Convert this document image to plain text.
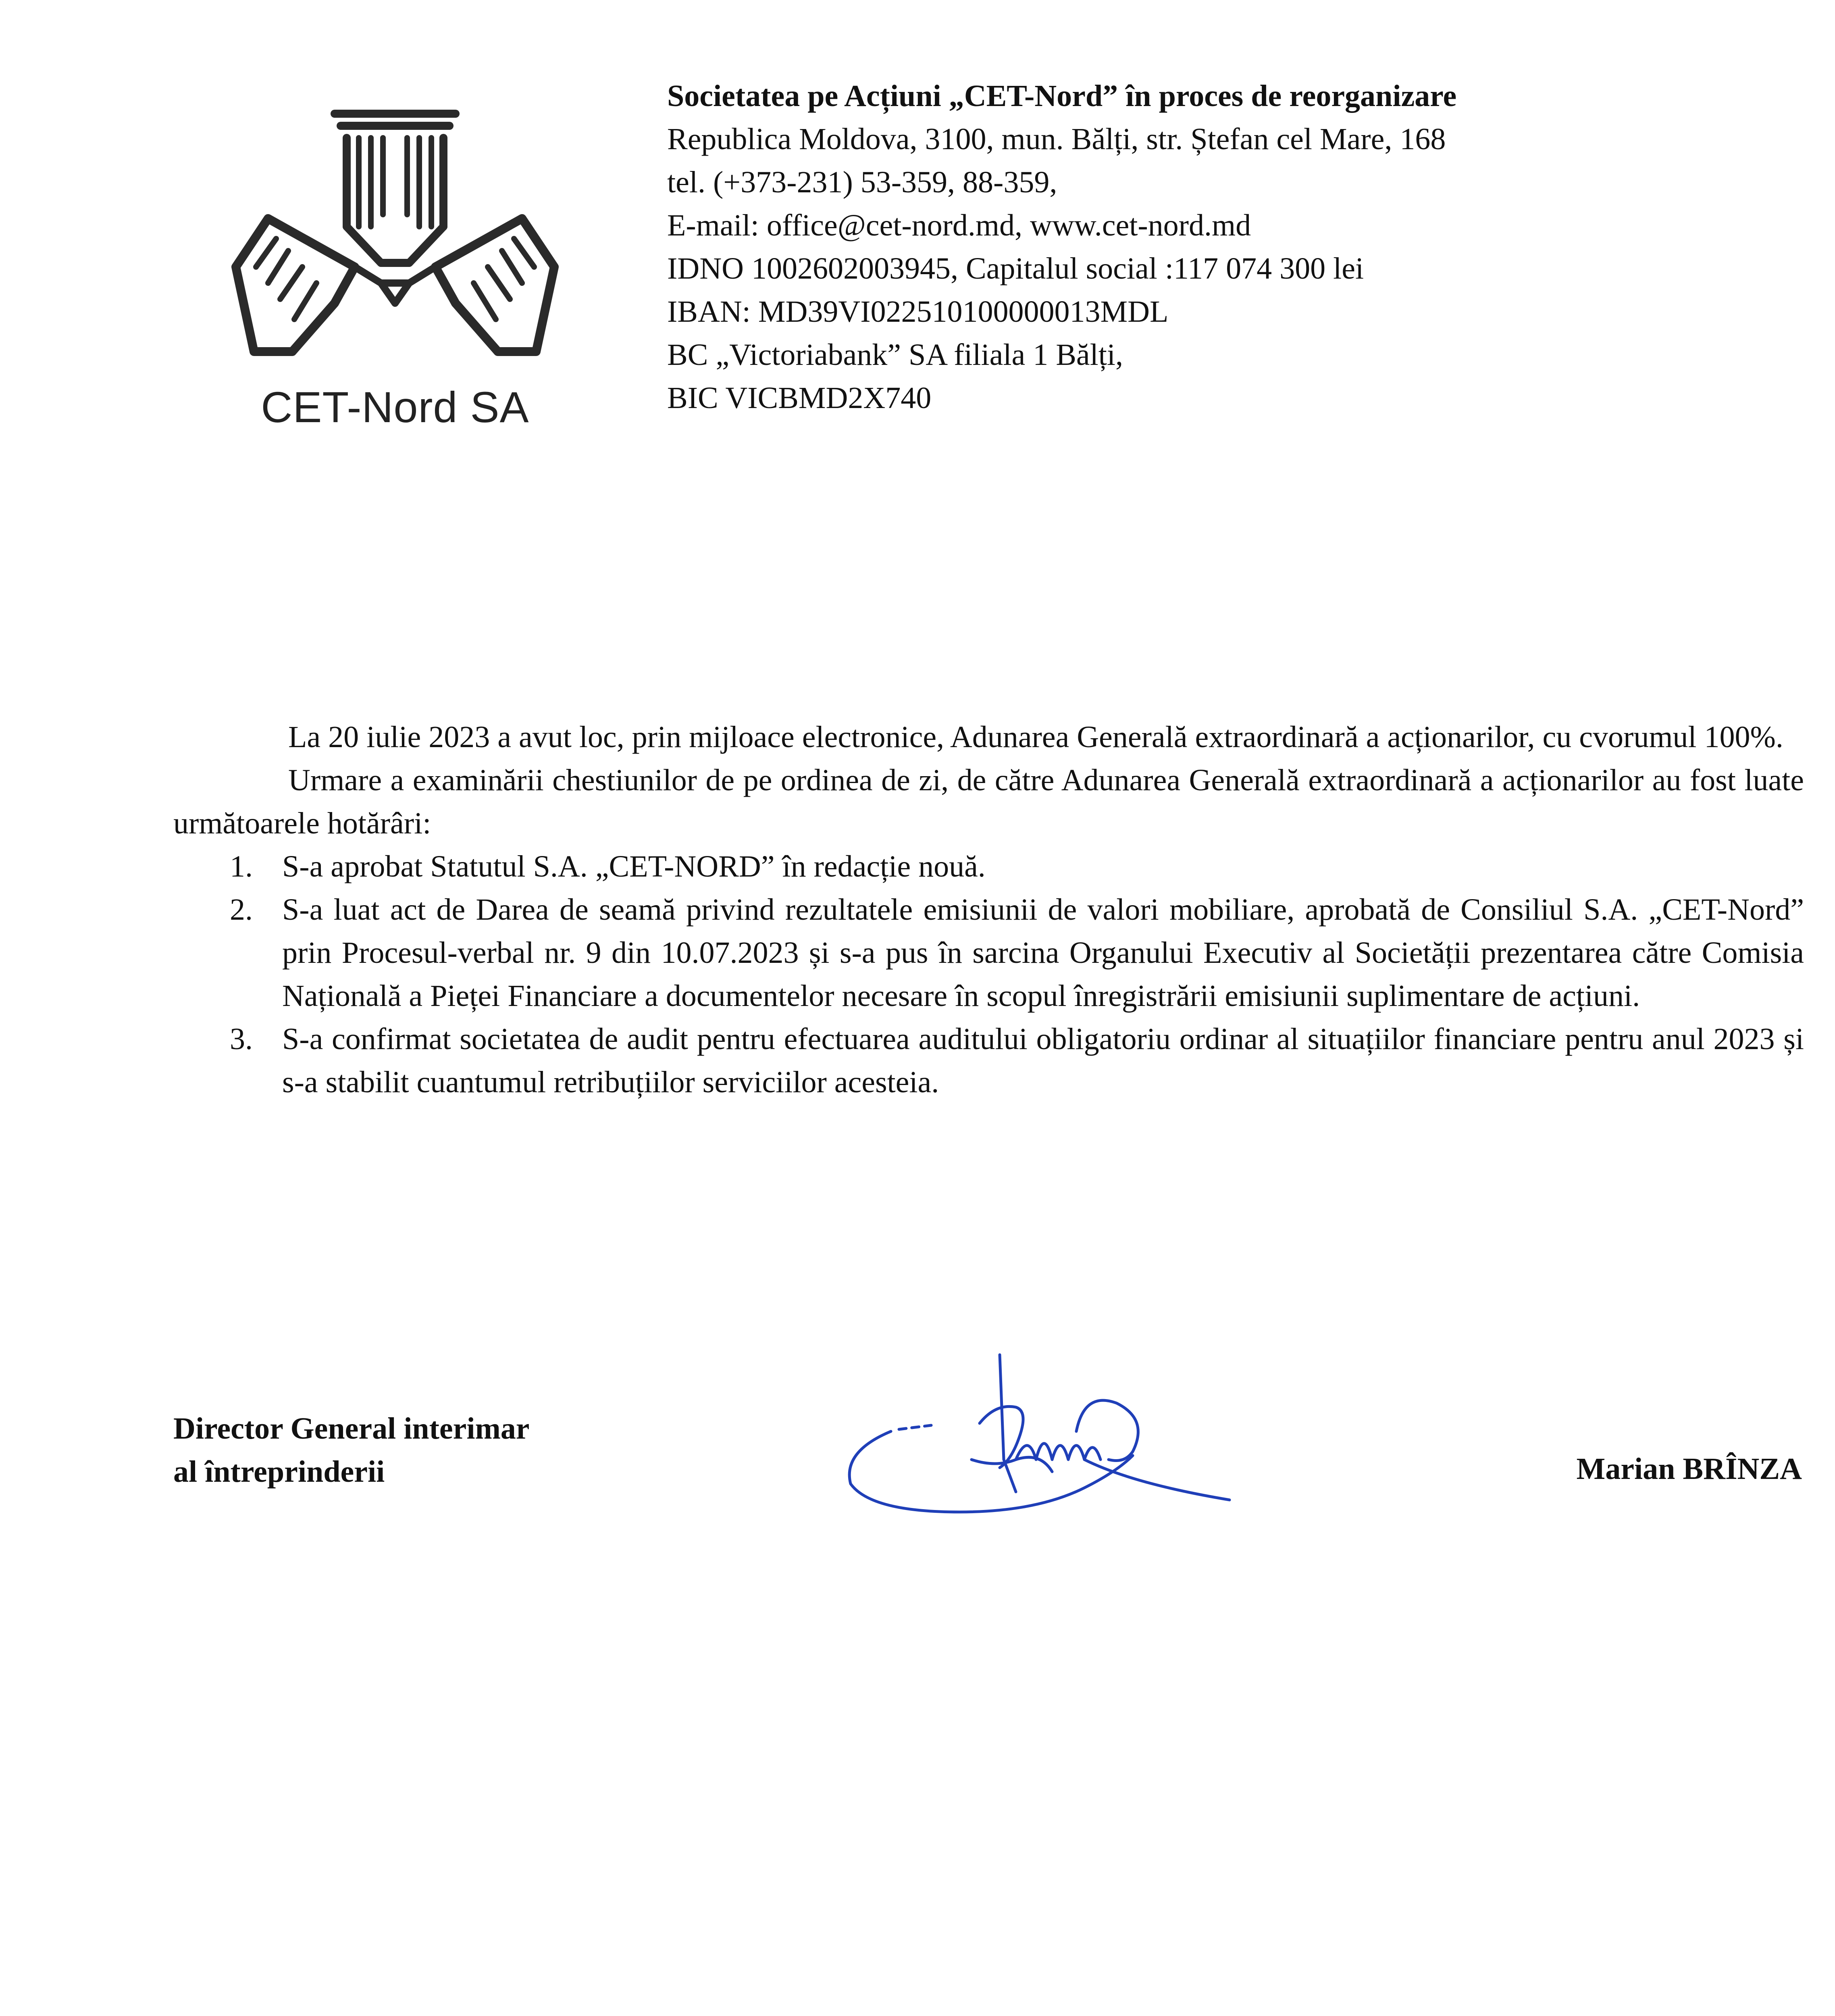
CET-Nord SA
Societatea pe Acțiuni „CET-Nord” în proces de reorganizare
Republica Moldova, 3100, mun. Bălți, str. Ștefan cel Mare, 168
tel. (+373-231) 53-359, 88-359,
E-mail: office@cet-nord.md, www.cet-nord.md
IDNO 1002602003945, Capitalul social :117 074 300 lei
IBAN: MD39VI022510100000013MDL
BC „Victoriabank” SA filiala 1 Bălți,
BIC VICBMD2X740

La 20 iulie 2023 a avut loc, prin mijloace electronice, Adunarea Generală extraordinară a acționarilor, cu cvorumul 100%.

Urmare a examinării chestiunilor de pe ordinea de zi, de către Adunarea Generală extraordinară a acționarilor au fost luate următoarele hotărâri:

1. S-a aprobat Statutul S.A. „CET-NORD” în redacție nouă.
2. S-a luat act de Darea de seamă privind rezultatele emisiunii de valori mobiliare, aprobată de Consiliul S.A. „CET-Nord” prin Procesul-verbal nr. 9 din 10.07.2023 și s-a pus în sarcina Organului Executiv al Societății prezentarea către Comisia Națională a Pieței Financiare a documentelor necesare în scopul înregistrării emisiunii suplimentare de acțiuni.
3. S-a confirmat societatea de audit pentru efectuarea auditului obligatoriu ordinar al situațiilor financiare pentru anul 2023 și s-a stabilit cuantumul retribuțiilor serviciilor acesteia.
Director General interimar
al întreprinderii	Marian BRÎNZA
